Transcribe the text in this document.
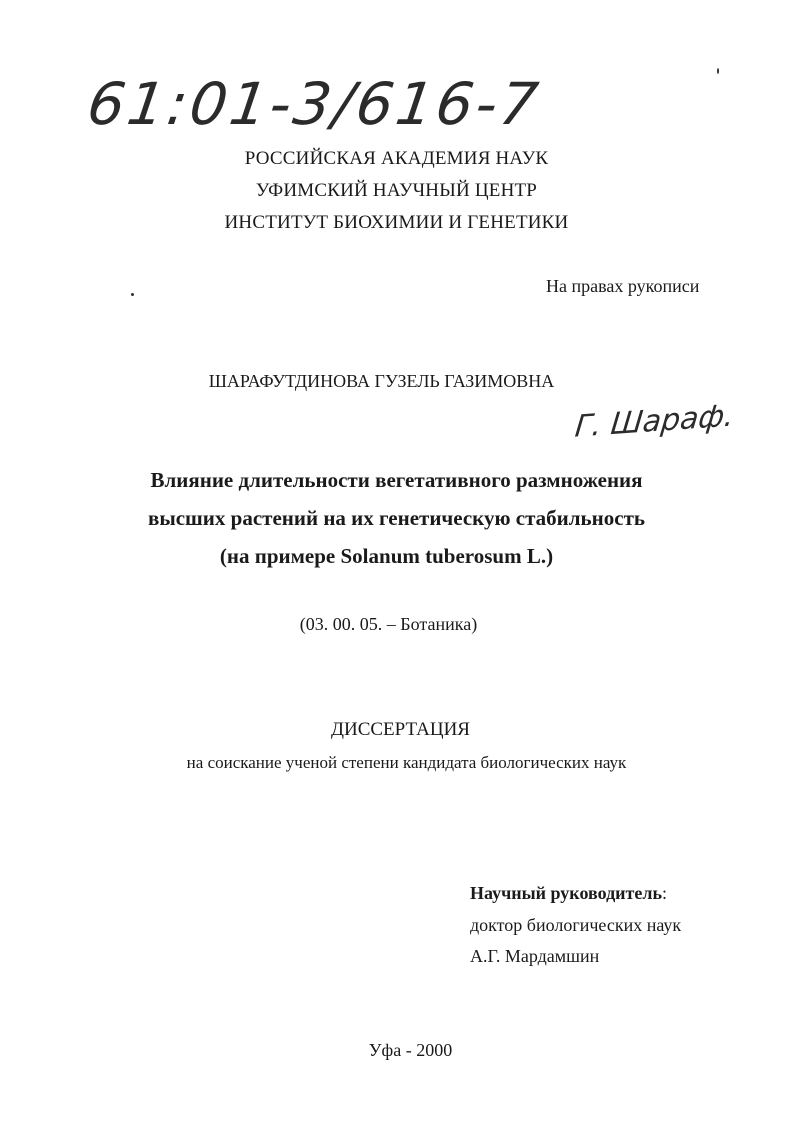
61:01-3/616-7
РОССИЙСКАЯ АКАДЕМИЯ НАУК
УФИМСКИЙ НАУЧНЫЙ ЦЕНТР
ИНСТИТУТ БИОХИМИИ И ГЕНЕТИКИ
На правах рукописи
ШАРАФУТДИНОВА ГУЗЕЛЬ ГАЗИМОВНА
Г. Шараф.
Влияние длительности вегетативного размножения
высших растений на их генетическую стабильность
(на примере Solanum tuberosum L.)
(03. 00. 05. – Ботаника)
ДИССЕРТАЦИЯ
на соискание ученой степени кандидата биологических наук
Научный руководитель:
доктор биологических наук
А.Г. Мардамшин
Уфа - 2000
